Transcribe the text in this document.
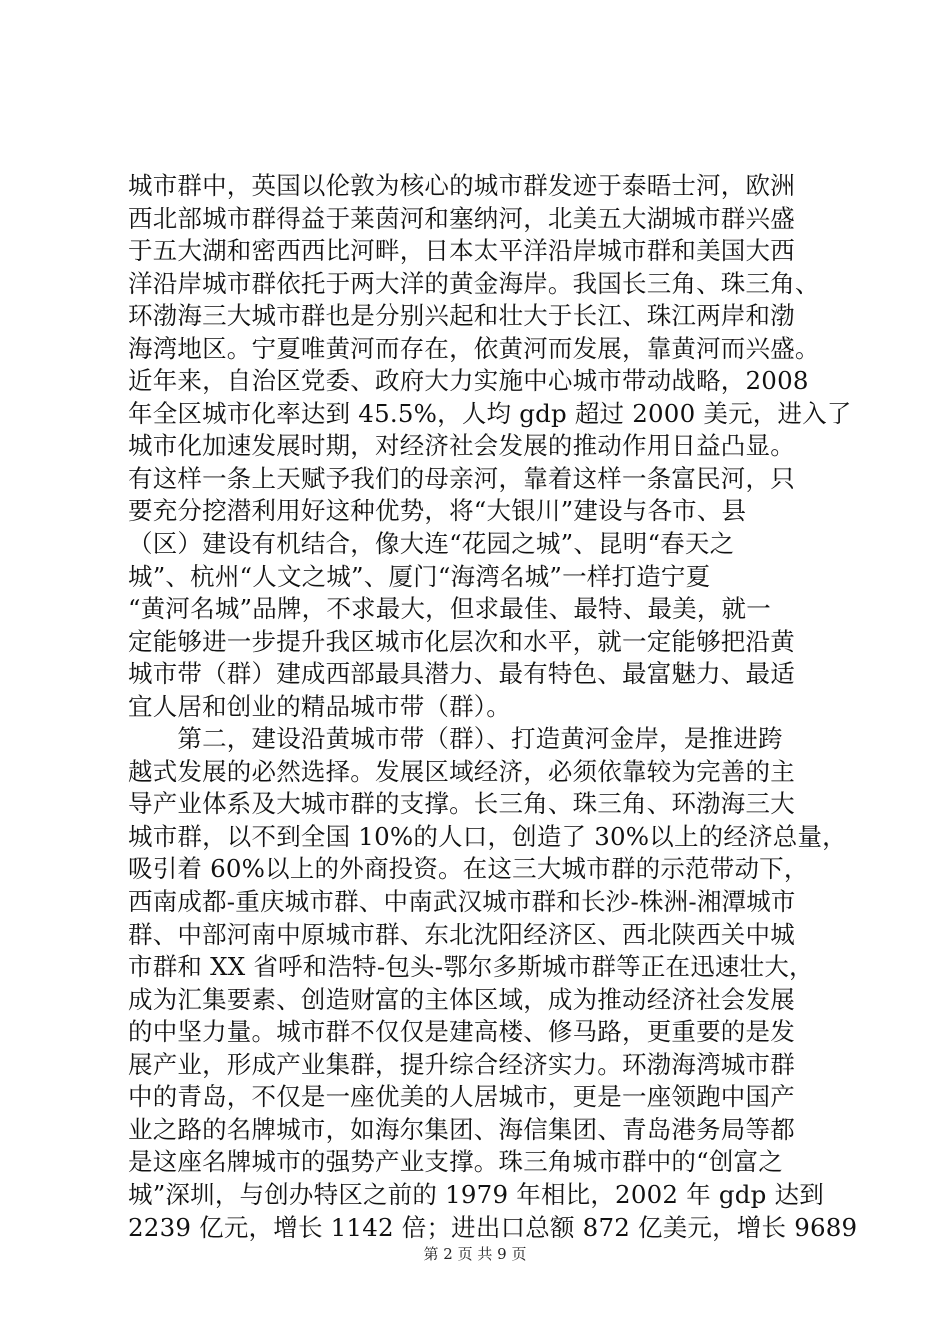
城市群中，英国以伦敦为核心的城市群发迹于泰晤士河，欧洲
西北部城市群得益于莱茵河和塞纳河，北美五大湖城市群兴盛
于五大湖和密西西比河畔，日本太平洋沿岸城市群和美国大西
洋沿岸城市群依托于两大洋的黄金海岸。我国长三角、珠三角、
环渤海三大城市群也是分别兴起和壮大于长江、珠江两岸和渤
海湾地区。宁夏唯黄河而存在，依黄河而发展，靠黄河而兴盛。
近年来，自治区党委、政府大力实施中心城市带动战略，2008
年全区城市化率达到 45.5%，人均 gdp 超过 2000 美元，进入了
城市化加速发展时期，对经济社会发展的推动作用日益凸显。
有这样一条上天赋予我们的母亲河，靠着这样一条富民河，只
要充分挖潜利用好这种优势，将“大银川”建设与各市、县
（区）建设有机结合，像大连“花园之城”、昆明“春天之
城”、杭州“人文之城”、厦门“海湾名城”一样打造宁夏
“黄河名城”品牌，不求最大，但求最佳、最特、最美，就一
定能够进一步提升我区城市化层次和水平，就一定能够把沿黄
城市带（群）建成西部最具潜力、最有特色、最富魅力、最适
宜人居和创业的精品城市带（群）。
　　第二，建设沿黄城市带（群）、打造黄河金岸，是推进跨
越式发展的必然选择。发展区域经济，必须依靠较为完善的主
导产业体系及大城市群的支撑。长三角、珠三角、环渤海三大
城市群，以不到全国 10%的人口，创造了 30%以上的经济总量，
吸引着 60%以上的外商投资。在这三大城市群的示范带动下，
西南成都-重庆城市群、中南武汉城市群和长沙-株洲-湘潭城市
群、中部河南中原城市群、东北沈阳经济区、西北陕西关中城
市群和 XX 省呼和浩特-包头-鄂尔多斯城市群等正在迅速壮大，
成为汇集要素、创造财富的主体区域，成为推动经济社会发展
的中坚力量。城市群不仅仅是建高楼、修马路，更重要的是发
展产业，形成产业集群，提升综合经济实力。环渤海湾城市群
中的青岛，不仅是一座优美的人居城市，更是一座领跑中国产
业之路的名牌城市，如海尔集团、海信集团、青岛港务局等都
是这座名牌城市的强势产业支撑。珠三角城市群中的“创富之
城”深圳，与创办特区之前的 1979 年相比，2002 年 gdp 达到
2239 亿元，增长 1142 倍；进出口总额 872 亿美元，增长 9689
第 2 页 共 9 页
